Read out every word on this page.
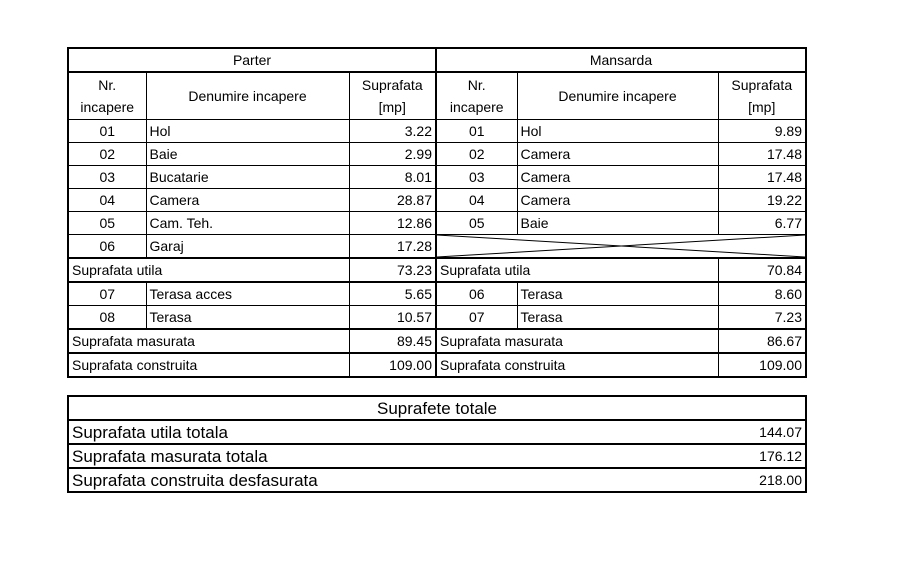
Parter			Mansarda		
Nr. incapere	Denumire incapere	Suprafata [mp]	Nr. incapere	Denumire incapere	Suprafata [mp]
01	Hol	3.22	01	Hol	9.89
02	Baie	2.99	02	Camera	17.48
03	Bucatarie	8.01	03	Camera	17.48
04	Camera	28.87	04	Camera	19.22
05	Cam. Teh.	12.86	05	Baie	6.77
06	Garaj	17.28	

Suprafata utila		73.23	Suprafata utila		70.84
07	Terasa acces	5.65	06	Terasa	8.60
08	Terasa	10.57	07	Terasa	7.23
Suprafata masurata		89.45	Suprafata masurata		86.67
Suprafata construita		109.00	Suprafata construita		109.00
Suprafete totale	
Suprafata utila totala	144.07
Suprafata masurata totala	176.12
Suprafata construita desfasurata	218.00
